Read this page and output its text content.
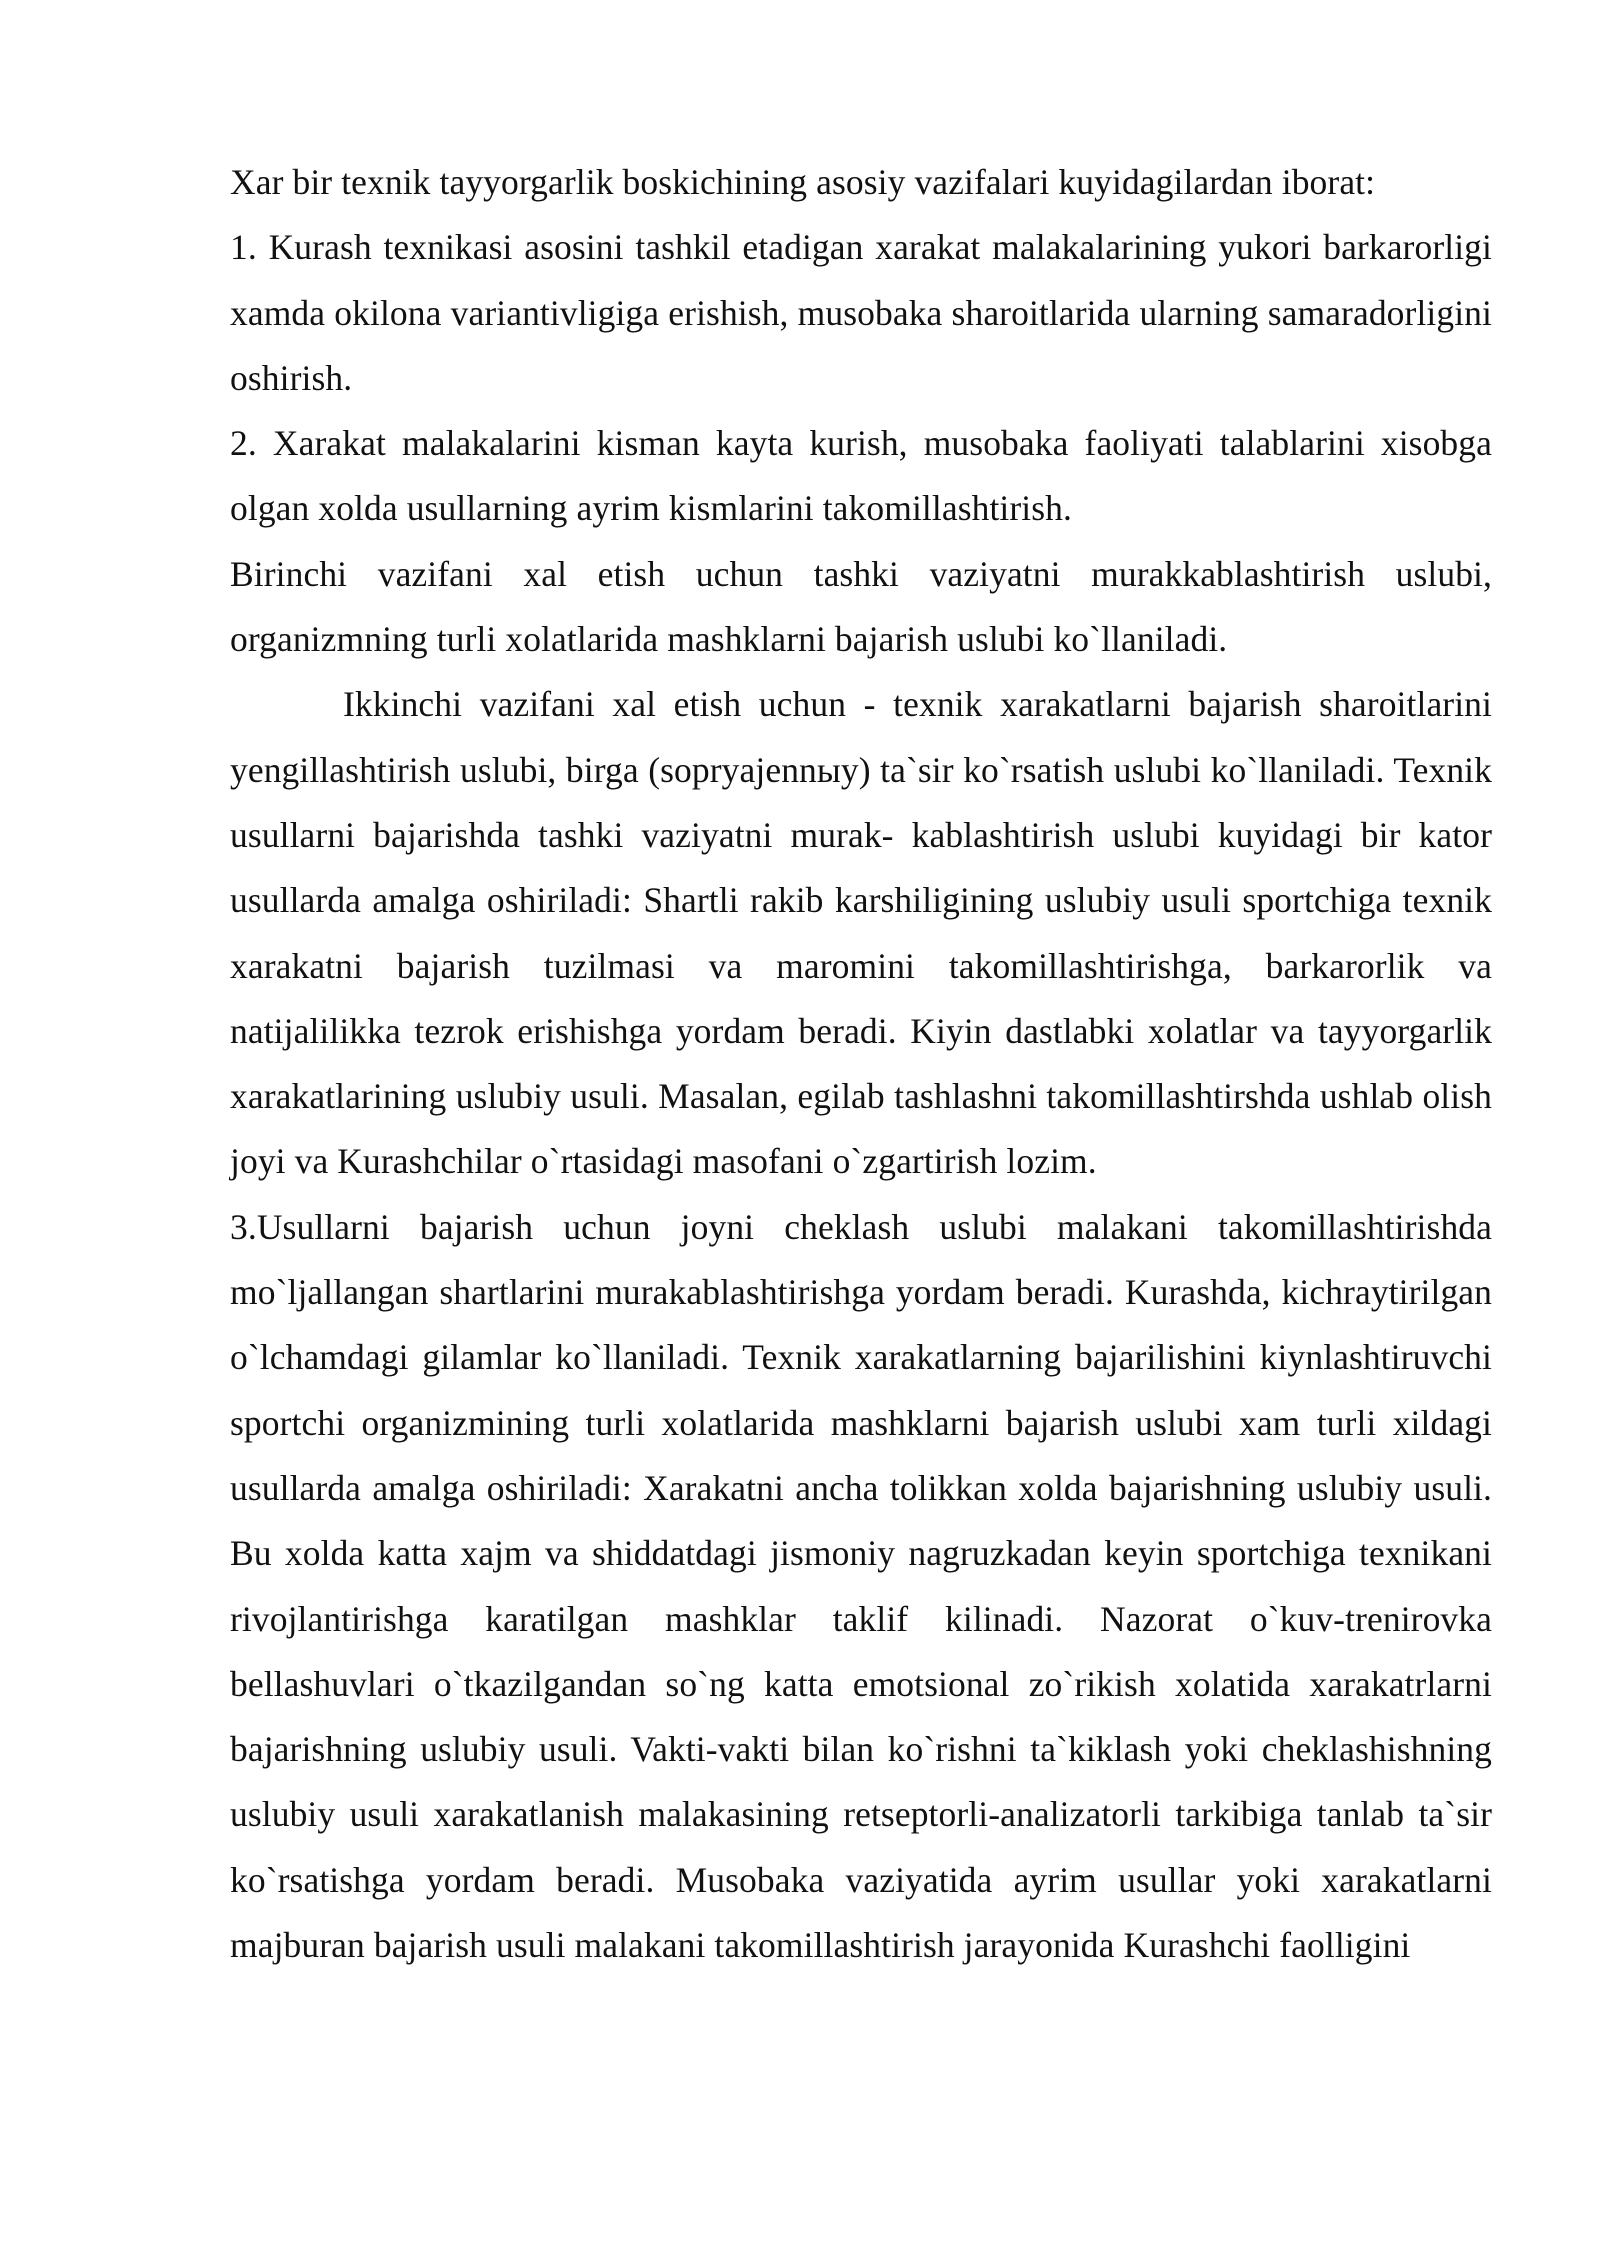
Xar bir texnik tayyorgarlik boskichining asosiy vazifalari kuyidagilardan iborat:

1. Kurash texnikasi asosini tashkil etadigan xarakat malakalarining yukori barkarorligi xamda okilona variantivligiga erishish, musobaka sharoitlarida ularning samaradorligini oshirish.

2. Xarakat malakalarini kisman kayta kurish, musobaka faoliyati talablarini xisobga olgan xolda usullarning ayrim kismlarini takomillashtirish.

Birinchi vazifani xal etish uchun tashki vaziyatni murakkablashtirish uslubi, organizmning turli xolatlarida mashklarni bajarish uslubi ko`llaniladi.

Ikkinchi vazifani xal etish uchun - texnik xarakatlarni bajarish sharoitlarini yengillashtirish uslubi, birga (sopryajennыy) ta`sir ko`rsatish uslubi ko`llaniladi. Texnik usullarni bajarishda tashki vaziyatni murak- kablashtirish uslubi kuyidagi bir kator usullarda amalga oshiriladi: Shartli rakib karshiligining uslubiy usuli sportchiga texnik xarakatni bajarish tuzilmasi va maromini takomillashtirishga, barkarorlik va natijalilikka tezrok erishishga yordam beradi. Kiyin dastlabki xolatlar va tayyorgarlik xarakatlarining uslubiy usuli. Masalan, egilab tashlashni takomillashtirshda ushlab olish joyi va Kurashchilar o`rtasidagi masofani o`zgartirish lozim.

3.Usullarni bajarish uchun joyni cheklash uslubi malakani takomillashtirishda mo`ljallangan shartlarini murakablashtirishga yordam beradi. Kurashda, kichraytirilgan o`lchamdagi gilamlar ko`llaniladi. Texnik xarakatlarning bajarilishini kiynlashtiruvchi sportchi organizmining turli xolatlarida mashklarni bajarish uslubi xam turli xildagi usullarda amalga oshiriladi: Xarakatni ancha tolikkan xolda bajarishning uslubiy usuli. Bu xolda katta xajm va shiddatdagi jismoniy nagruzkadan keyin sportchiga texnikani rivojlantirishga karatilgan mashklar taklif kilinadi. Nazorat o`kuv-trenirovka bellashuvlari o`tkazilgandan so`ng katta emotsional zo`rikish xolatida xarakatrlarni bajarishning uslubiy usuli. Vakti-vakti bilan ko`rishni ta`kiklash yoki cheklashishning uslubiy usuli xarakatlanish malakasining retseptorli-analizatorli tarkibiga tanlab ta`sir ko`rsatishga yordam beradi. Musobaka vaziyatida ayrim usullar yoki xarakatlarni majburan bajarish usuli malakani takomillashtirish jarayonida Kurashchi faolligini
